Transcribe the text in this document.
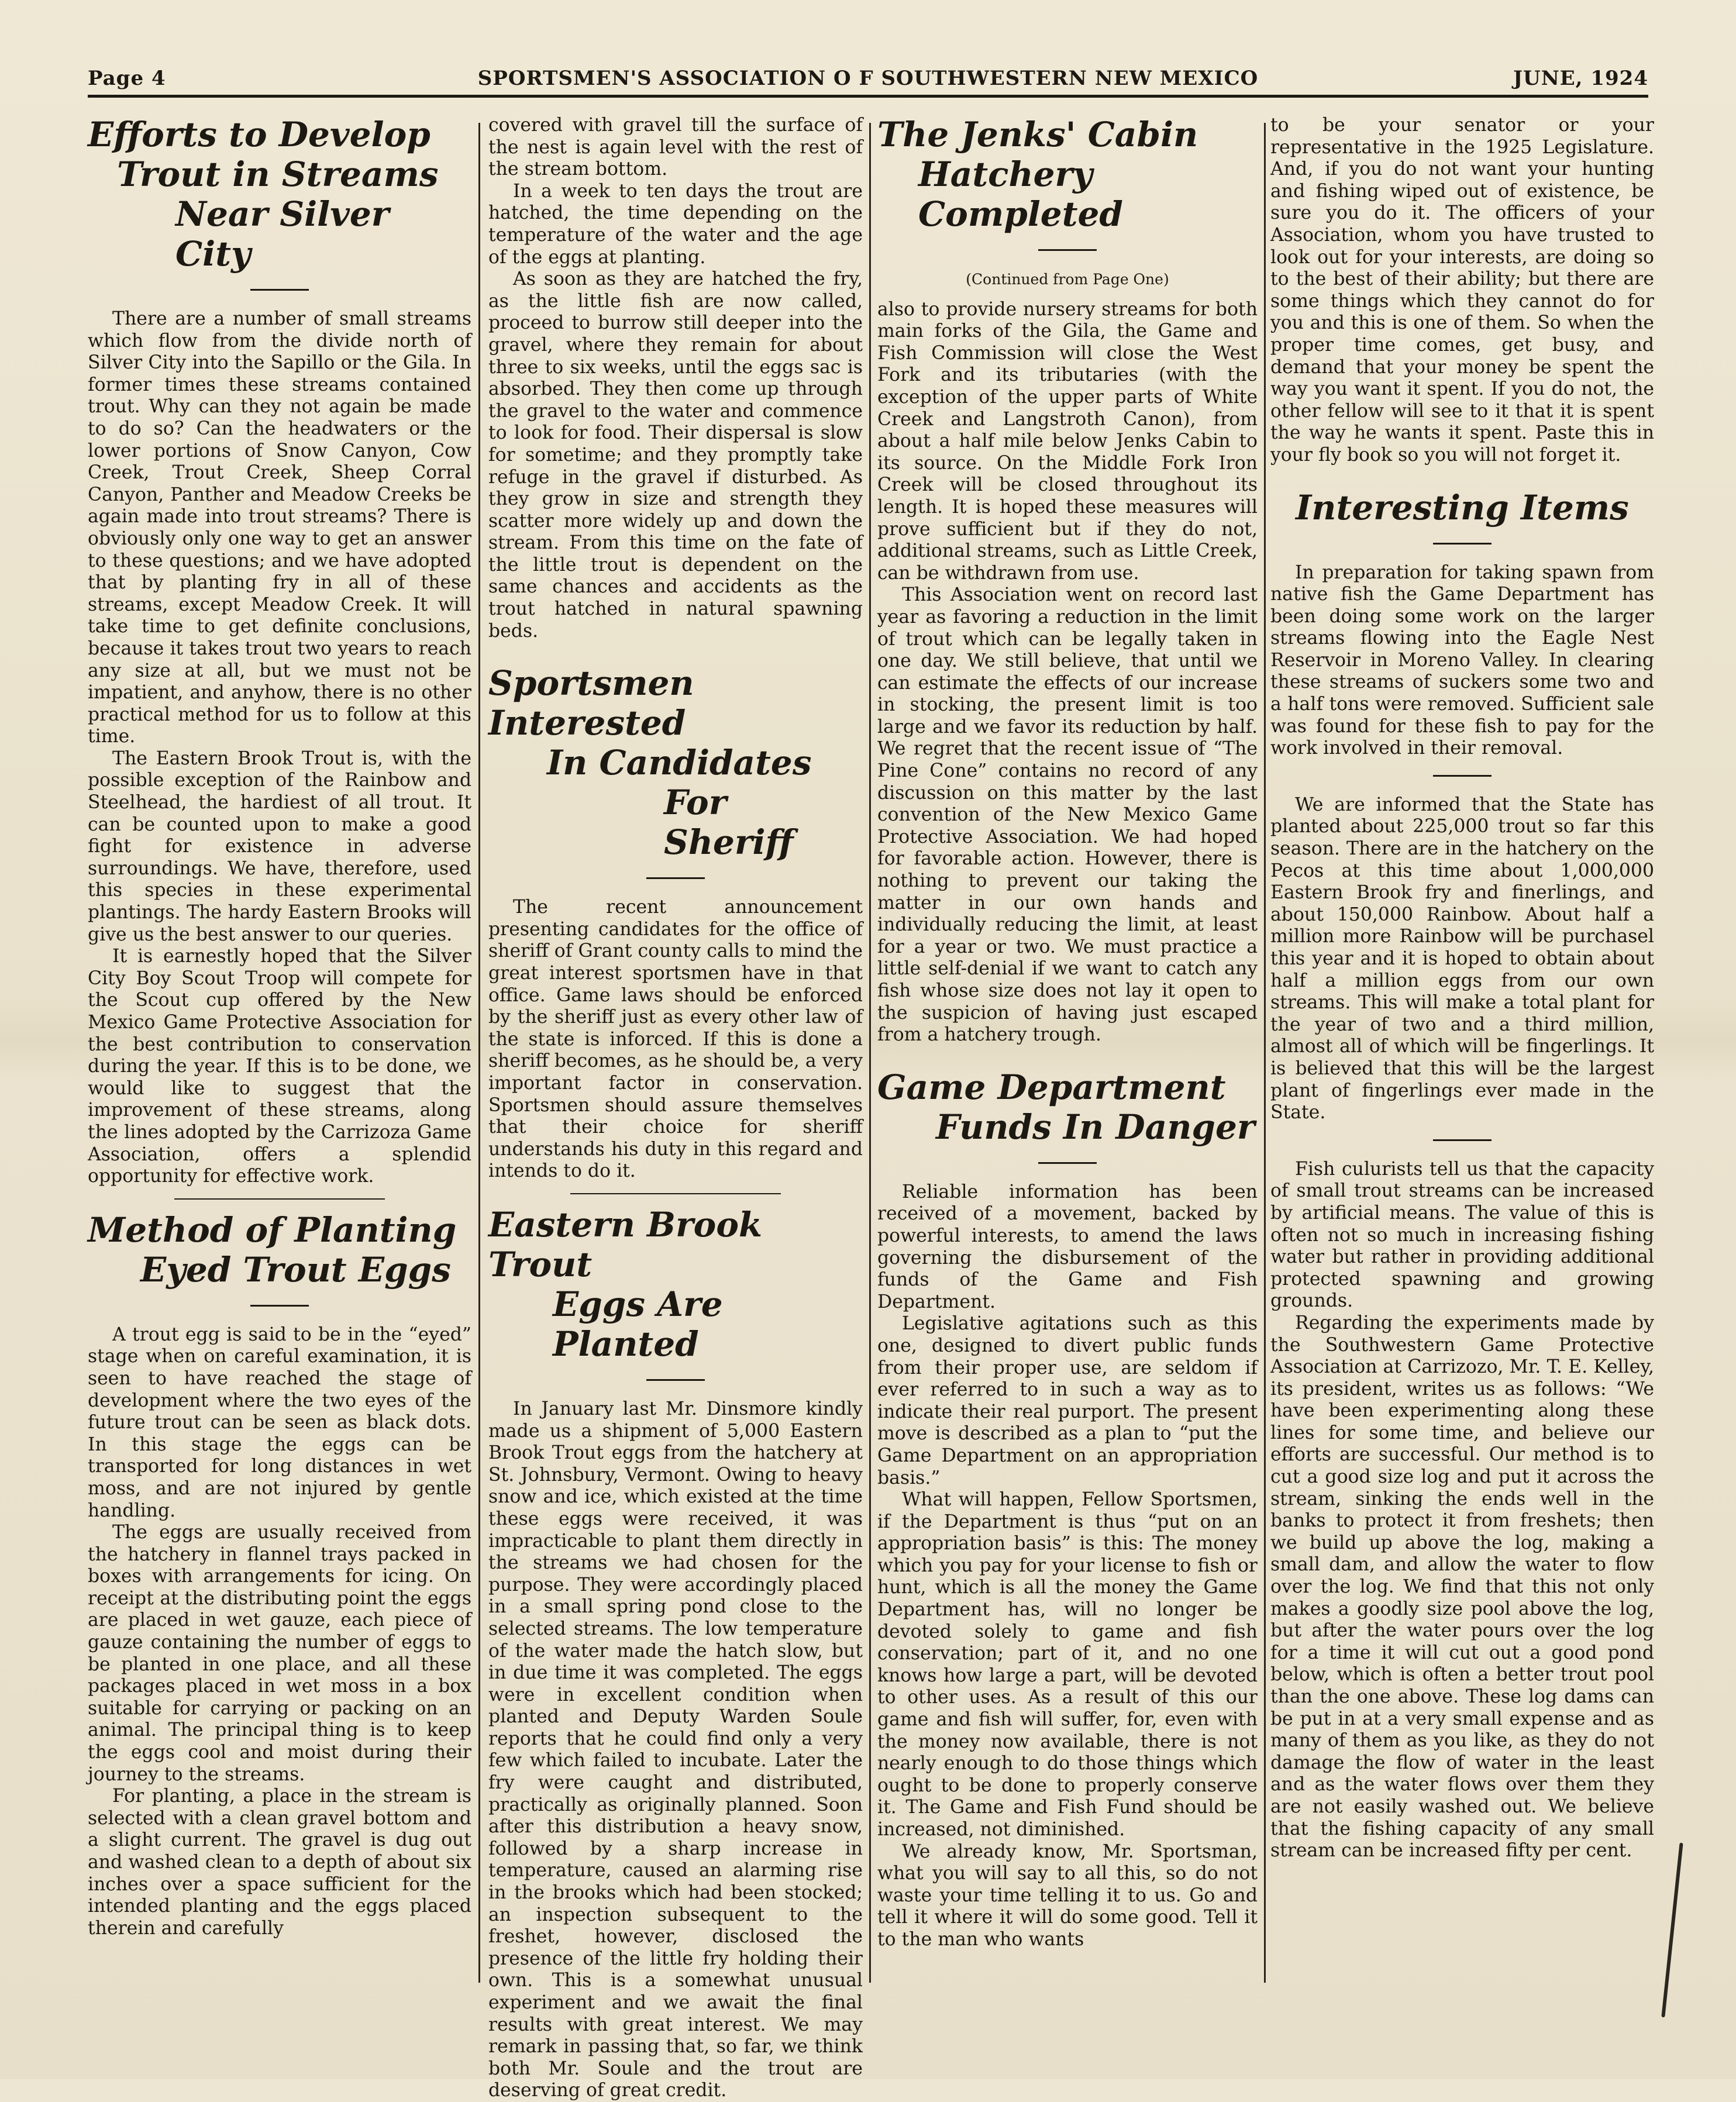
Page 4	SPORTSMEN'S ASSOCIATION O F SOUTHWESTERN NEW MEXICO	JUNE, 1924
Efforts to Develop
Trout in Streams
Near Silver City

There are a number of small streams which flow from the divide north of Silver City into the Sapillo or the Gila. In former times these streams contained trout. Why can they not again be made to do so? Can the headwaters or the lower portions of Snow Canyon, Cow Creek, Trout Creek, Sheep Corral Canyon, Panther and Meadow Creeks be again made into trout streams? There is obviously only one way to get an answer to these questions; and we have adopted that by planting fry in all of these streams, except Meadow Creek. It will take time to get definite conclusions, because it takes trout two years to reach any size at all, but we must not be impatient, and anyhow, there is no other practical method for us to follow at this time.

The Eastern Brook Trout is, with the possible exception of the Rainbow and Steelhead, the hardiest of all trout. It can be counted upon to make a good fight for existence in adverse surroundings. We have, therefore, used this species in these experimental plantings. The hardy Eastern Brooks will give us the best answer to our queries.

It is earnestly hoped that the Silver City Boy Scout Troop will compete for the Scout cup offered by the New Mexico Game Protective Association for the best contribution to conservation during the year. If this is to be done, we would like to suggest that the improvement of these streams, along the lines adopted by the Carrizoza Game Association, offers a splendid opportunity for effective work.

Method of Planting
Eyed Trout Eggs

A trout egg is said to be in the “eyed” stage when on careful examination, it is seen to have reached the stage of development where the two eyes of the future trout can be seen as black dots. In this stage the eggs can be transported for long distances in wet moss, and are not injured by gentle handling.

The eggs are usually received from the hatchery in flannel trays packed in boxes with arrangements for icing. On receipt at the distributing point the eggs are placed in wet gauze, each piece of gauze containing the number of eggs to be planted in one place, and all these packages placed in wet moss in a box suitable for carrying or packing on an animal. The principal thing is to keep the eggs cool and moist during their journey to the streams.

For planting, a place in the stream is selected with a clean gravel bottom and a slight current. The gravel is dug out and washed clean to a depth of about six inches over a space sufficient for the intended planting and the eggs placed therein and carefully

covered with gravel till the surface of the nest is again level with the rest of the stream bottom.

In a week to ten days the trout are hatched, the time depending on the temperature of the water and the age of the eggs at planting.

As soon as they are hatched the fry, as the little fish are now called, proceed to burrow still deeper into the gravel, where they remain for about three to six weeks, until the eggs sac is absorbed. They then come up through the gravel to the water and commence to look for food. Their dispersal is slow for sometime; and they promptly take refuge in the gravel if disturbed. As they grow in size and strength they scatter more widely up and down the stream. From this time on the fate of the little trout is dependent on the same chances and accidents as the trout hatched in natural spawning beds.

Sportsmen Interested
In Candidates
For Sheriff

The recent announcement presenting candidates for the office of sheriff of Grant county calls to mind the great interest sportsmen have in that office. Game laws should be enforced by the sheriff just as every other law of the state is inforced. If this is done a sheriff becomes, as he should be, a very important factor in conservation. Sportsmen should assure themselves that their choice for sheriff understands his duty in this regard and intends to do it.

Eastern Brook Trout
Eggs Are Planted

In January last Mr. Dinsmore kindly made us a shipment of 5,000 Eastern Brook Trout eggs from the hatchery at St. Johnsbury, Vermont. Owing to heavy snow and ice, which existed at the time these eggs were received, it was impracticable to plant them directly in the streams we had chosen for the purpose. They were accordingly placed in a small spring pond close to the selected streams. The low temperature of the water made the hatch slow, but in due time it was completed. The eggs were in excellent condition when planted and Deputy Warden Soule reports that he could find only a very few which failed to incubate. Later the fry were caught and distributed, practically as originally planned. Soon after this distribution a heavy snow, followed by a sharp increase in temperature, caused an alarming rise in the brooks which had been stocked; an inspection subsequent to the freshet, however, disclosed the presence of the little fry holding their own. This is a somewhat unusual experiment and we await the final results with great interest. We may remark in passing that, so far, we think both Mr. Soule and the trout are deserving of great credit.

The Jenks' Cabin
Hatchery Completed
(Continued from Page One)

also to provide nursery streams for both main forks of the Gila, the Game and Fish Commission will close the West Fork and its tributaries (with the exception of the upper parts of White Creek and Langstroth Canon), from about a half mile below Jenks Cabin to its source. On the Middle Fork Iron Creek will be closed throughout its length. It is hoped these measures will prove sufficient but if they do not, additional streams, such as Little Creek, can be withdrawn from use.

This Association went on record last year as favoring a reduction in the limit of trout which can be legally taken in one day. We still believe, that until we can estimate the effects of our increase in stocking, the present limit is too large and we favor its reduction by half. We regret that the recent issue of “The Pine Cone” contains no record of any discussion on this matter by the last convention of the New Mexico Game Protective Association. We had hoped for favorable action. However, there is nothing to prevent our taking the matter in our own hands and individually reducing the limit, at least for a year or two. We must practice a little self-denial if we want to catch any fish whose size does not lay it open to the suspicion of having just escaped from a hatchery trough.

Game Department
Funds In Danger

Reliable information has been received of a movement, backed by powerful interests, to amend the laws governing the disbursement of the funds of the Game and Fish Department.

Legislative agitations such as this one, designed to divert public funds from their proper use, are seldom if ever referred to in such a way as to indicate their real purport. The present move is described as a plan to “put the Game Department on an appropriation basis.”

What will happen, Fellow Sportsmen, if the Department is thus “put on an appropriation basis” is this: The money which you pay for your license to fish or hunt, which is all the money the Game Department has, will no longer be devoted solely to game and fish conservation; part of it, and no one knows how large a part, will be devoted to other uses. As a result of this our game and fish will suffer, for, even with the money now available, there is not nearly enough to do those things which ought to be done to properly conserve it. The Game and Fish Fund should be increased, not diminished.

We already know, Mr. Sportsman, what you will say to all this, so do not waste your time telling it to us. Go and tell it where it will do some good. Tell it to the man who wants

to be your senator or your representative in the 1925 Legislature. And, if you do not want your hunting and fishing wiped out of existence, be sure you do it. The officers of your Association, whom you have trusted to look out for your interests, are doing so to the best of their ability; but there are some things which they cannot do for you and this is one of them. So when the proper time comes, get busy, and demand that your money be spent the way you want it spent. If you do not, the other fellow will see to it that it is spent the way he wants it spent. Paste this in your fly book so you will not forget it.

Interesting Items

In preparation for taking spawn from native fish the Game Department has been doing some work on the larger streams flowing into the Eagle Nest Reservoir in Moreno Valley. In clearing these streams of suckers some two and a half tons were removed. Sufficient sale was found for these fish to pay for the work involved in their removal.

We are informed that the State has planted about 225,000 trout so far this season. There are in the hatchery on the Pecos at this time about 1,000,000 Eastern Brook fry and finerlings, and about 150,000 Rainbow. About half a million more Rainbow will be purchasel this year and it is hoped to obtain about half a million eggs from our own streams. This will make a total plant for the year of two and a third million, almost all of which will be fingerlings. It is believed that this will be the largest plant of fingerlings ever made in the State.

Fish culurists tell us that the capacity of small trout streams can be increased by artificial means. The value of this is often not so much in increasing fishing water but rather in providing additional protected spawning and growing grounds.

Regarding the experiments made by the Southwestern Game Protective Association at Carrizozo, Mr. T. E. Kelley, its president, writes us as follows: “We have been experimenting along these lines for some time, and believe our efforts are successful. Our method is to cut a good size log and put it across the stream, sinking the ends well in the banks to protect it from freshets; then we build up above the log, making a small dam, and allow the water to flow over the log. We find that this not only makes a goodly size pool above the log, but after the water pours over the log for a time it will cut out a good pond below, which is often a better trout pool than the one above. These log dams can be put in at a very small expense and as many of them as you like, as they do not damage the flow of water in the least and as the water flows over them they are not easily washed out. We believe that the fishing capacity of any small stream can be increased fifty per cent.
